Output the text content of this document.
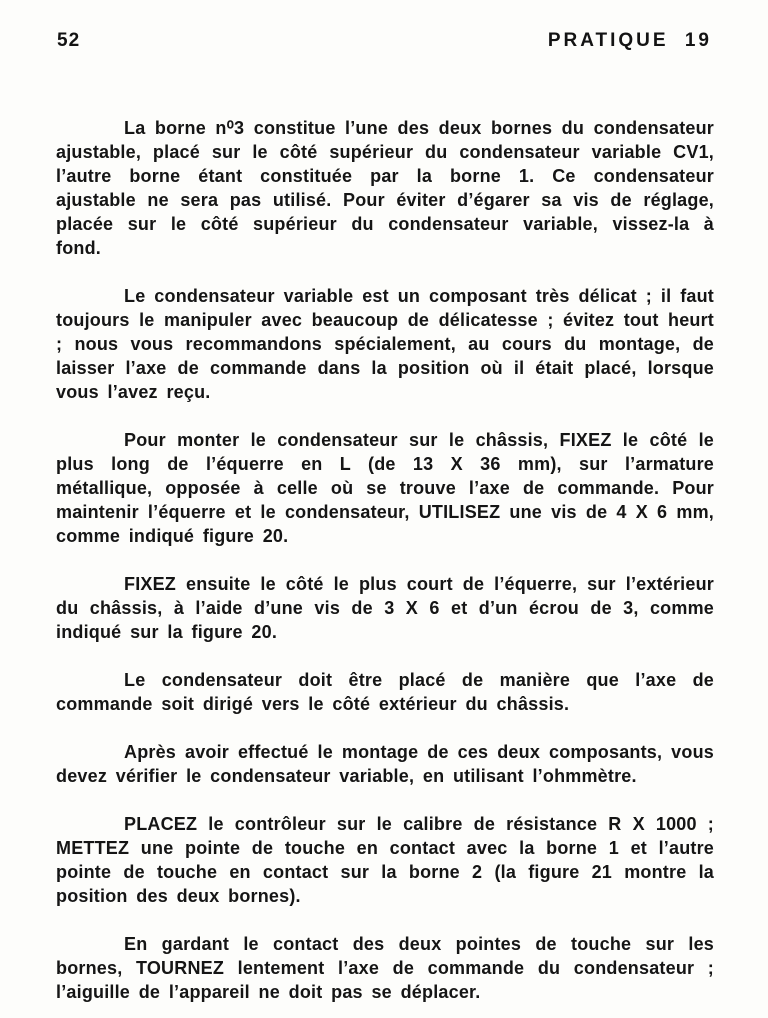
52	PRATIQUE 19

La borne n⁰3 constitue l’une des deux bornes du condensateur ajustable, placé sur le côté supérieur du condensateur variable CV1, l’autre borne étant constituée par la borne 1. Ce condensateur ajustable ne sera pas utilisé. Pour éviter d’égarer sa vis de réglage, placée sur le côté supérieur du condensateur variable, vissez-la à fond.

Le condensateur variable est un composant très délicat ; il faut toujours le manipuler avec beaucoup de délicatesse ; évitez tout heurt ; nous vous recommandons spécialement, au cours du montage, de laisser l’axe de commande dans la position où il était placé, lorsque vous l’avez reçu.

Pour monter le condensateur sur le châssis, FIXEZ le côté le plus long de l’équerre en L (de 13 X 36 mm), sur l’armature métallique, opposée à celle où se trouve l’axe de commande. Pour maintenir l’équerre et le condensateur, UTILISEZ une vis de 4 X 6 mm, comme indiqué figure 20.

FIXEZ ensuite le côté le plus court de l’équerre, sur l’extérieur du châssis, à l’aide d’une vis de 3 X 6 et d’un écrou de 3, comme indiqué sur la figure 20.

Le condensateur doit être placé de manière que l’axe de commande soit dirigé vers le côté extérieur du châssis.

Après avoir effectué le montage de ces deux composants, vous devez vérifier le condensateur variable, en utilisant l’ohmmètre.

PLACEZ le contrôleur sur le calibre de résistance R X 1000 ; METTEZ une pointe de touche en contact avec la borne 1 et l’autre pointe de touche en contact sur la borne 2 (la figure 21 montre la position des deux bornes).

En gardant le contact des deux pointes de touche sur les bornes, TOURNEZ lentement l’axe de commande du condensateur ; l’aiguille de l’appareil ne doit pas se déplacer.
